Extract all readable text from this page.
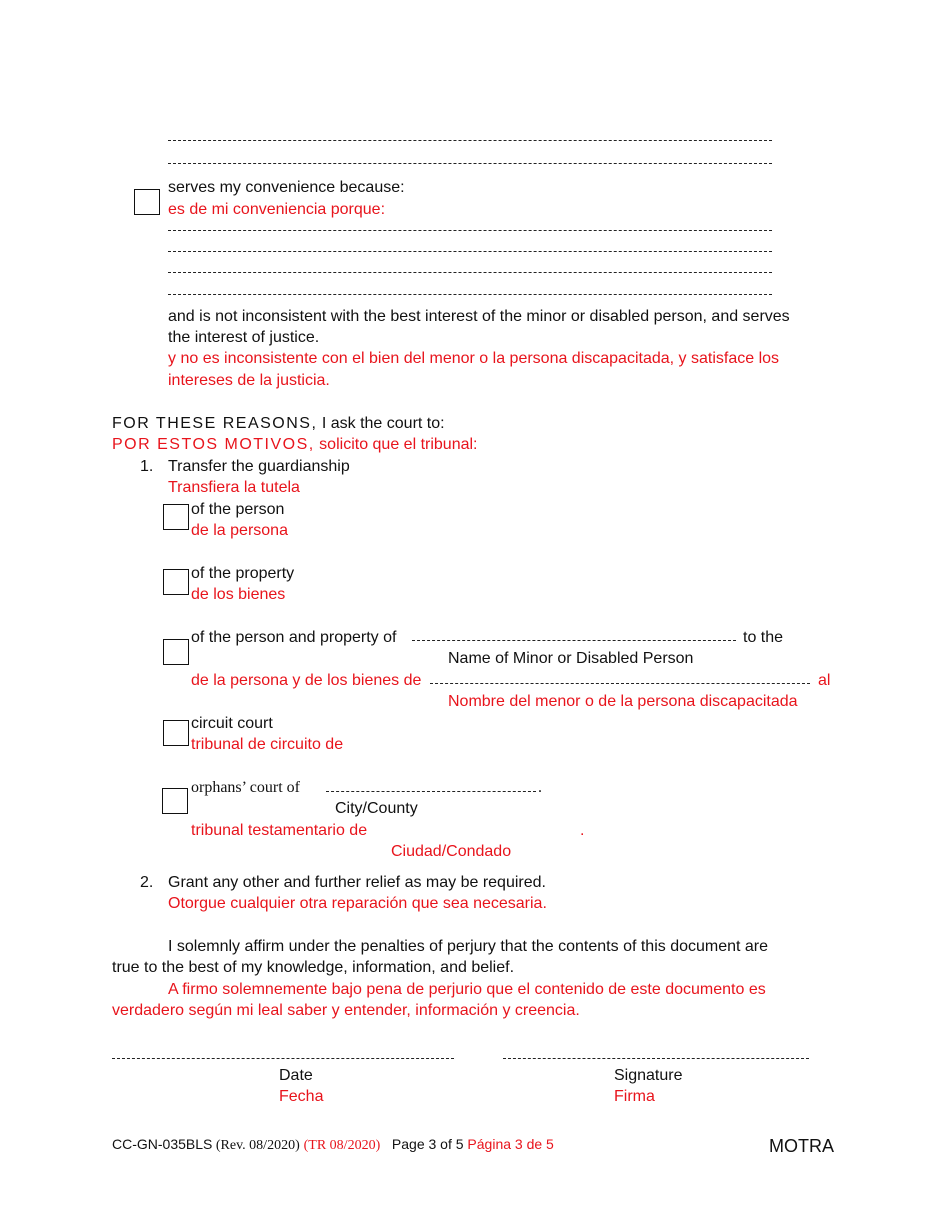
serves my convenience because:
es de mi conveniencia porque:
and is not inconsistent with the best interest of the minor or disabled person, and serves
the interest of justice.
y no es inconsistente con el bien del menor o la persona discapacitada, y satisface los
intereses de la justicia.
FOR THESE REASONS, I ask the court to:
POR ESTOS MOTIVOS, solicito que el tribunal:
1. Transfer the guardianship
Transfiera la tutela
of the person
de la persona
of the property
de los bienes
of the person and property of	to the
Name of Minor or Disabled Person
de la persona y de los bienes de	al
Nombre del menor o de la persona discapacitada
circuit court
tribunal de circuito de
orphans’ court of	.
City/County
tribunal testamentario de	.
Ciudad/Condado
2. Grant any other and further relief as may be required.
Otorgue cualquier otra reparación que sea necesaria.
I solemnly affirm under the penalties of perjury that the contents of this document are
true to the best of my knowledge, information, and belief.
A firmo solemnemente bajo pena de perjurio que el contenido de este documento es
verdadero según mi leal saber y entender, información y creencia.
Date
Fecha
Signature
Firma
CC-GN-035BLS (Rev. 08/2020) (TR 08/2020) Page 3 of 5 Página 3 de 5	MOTRA
